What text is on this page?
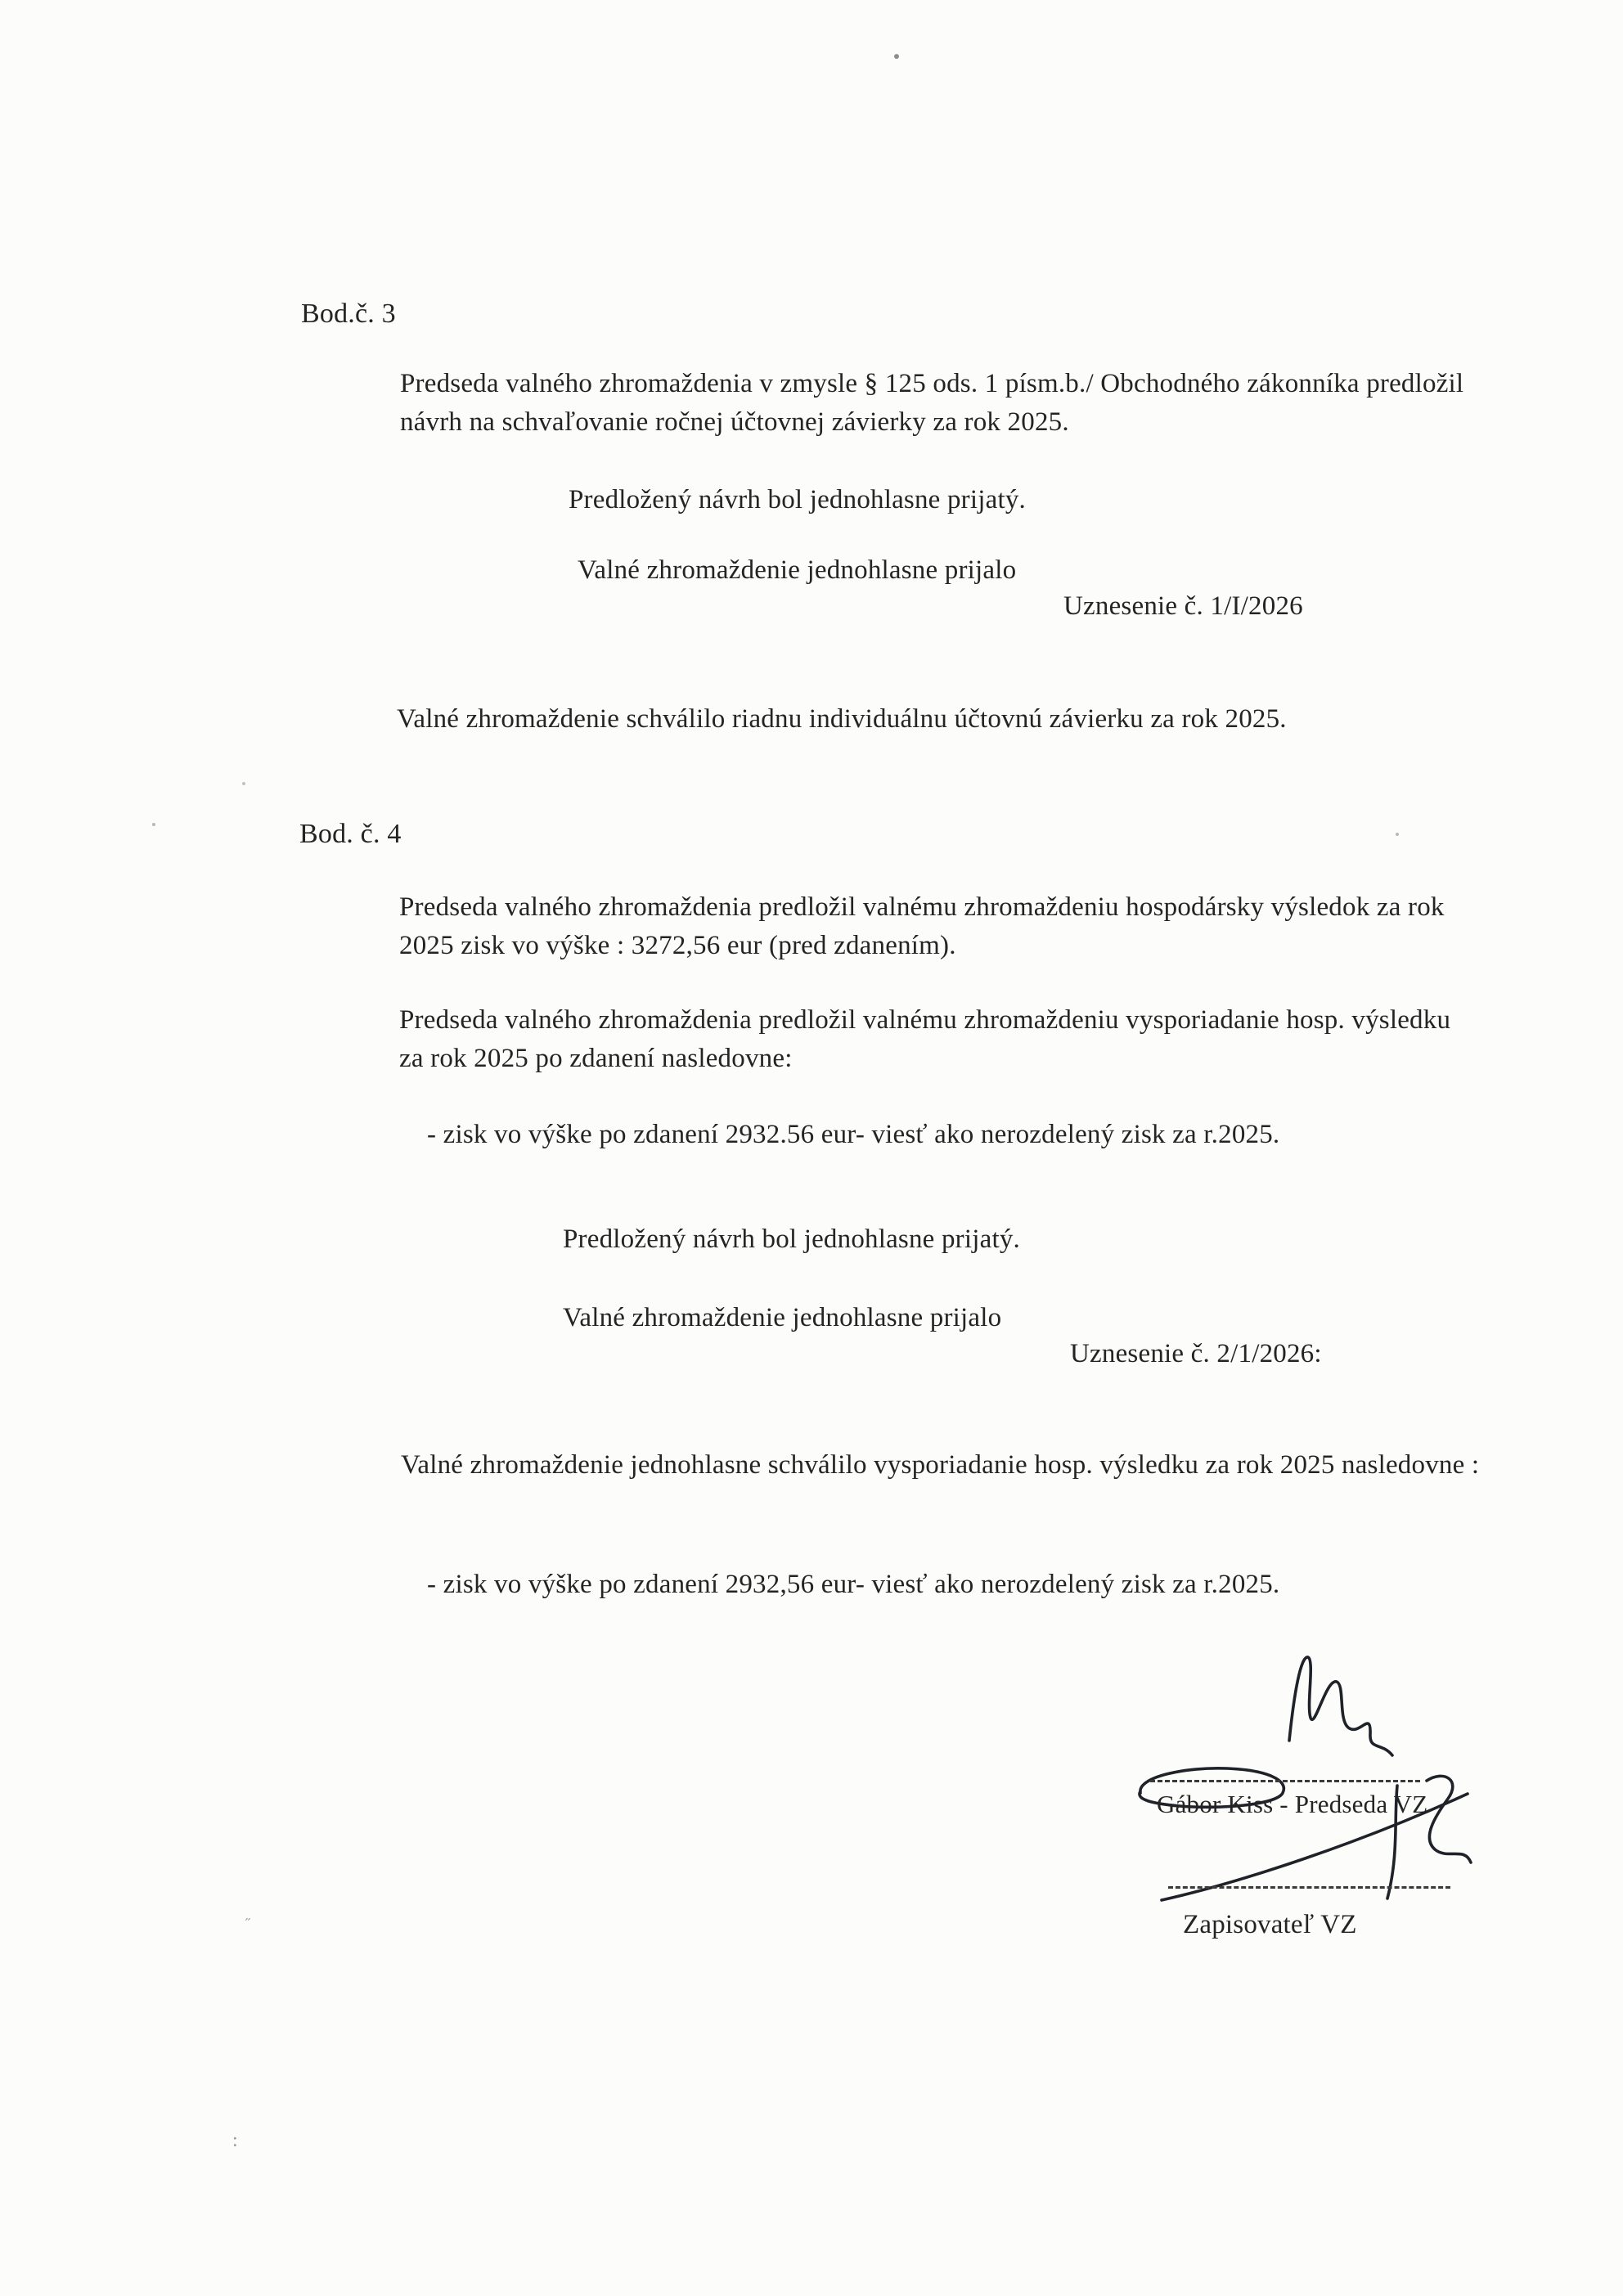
:
˝
Bod.č. 3
Predseda valného zhromaždenia v zmysle § 125 ods. 1 písm.b./ Obchodného zákonníka predložil návrh na schvaľovanie ročnej účtovnej závierky za rok 2025.
Predložený návrh bol jednohlasne prijatý.
Valné zhromaždenie jednohlasne prijalo
Uznesenie č. 1/I/2026
Valné zhromaždenie schválilo riadnu individuálnu účtovnú závierku za rok 2025.
Bod. č. 4
Predseda valného zhromaždenia predložil valnému zhromaždeniu hospodársky výsledok za rok 2025 zisk vo výške : 3272,56 eur (pred zdanením).
Predseda valného zhromaždenia predložil valnému zhromaždeniu vysporiadanie hosp. výsledku za rok 2025 po zdanení nasledovne:
- zisk vo výške po zdanení 2932.56 eur- viesť ako nerozdelený zisk za r.2025.
Predložený návrh bol jednohlasne prijatý.
Valné zhromaždenie jednohlasne prijalo
Uznesenie č. 2/1/2026:
Valné zhromaždenie jednohlasne schválilo vysporiadanie hosp. výsledku za rok 2025 nasledovne :
- zisk vo výške po zdanení 2932,56 eur- viesť ako nerozdelený zisk za r.2025.
Gábor Kiss - Predseda VZ
Zapisovateľ VZ
